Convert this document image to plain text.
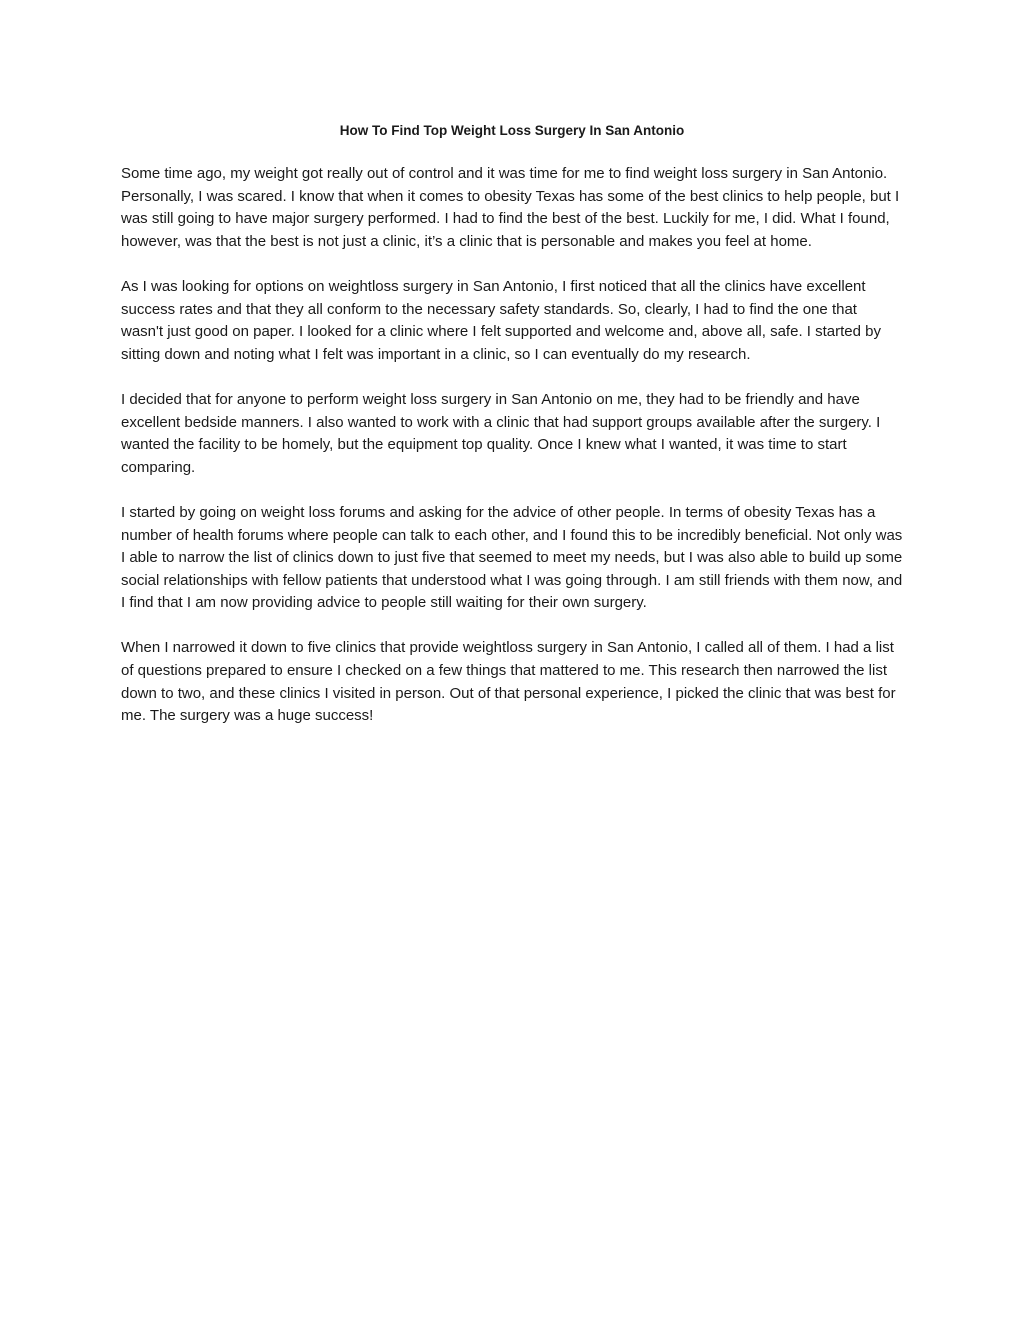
How To Find Top Weight Loss Surgery In San Antonio

Some time ago, my weight got really out of control and it was time for me to find weight loss surgery in San Antonio. Personally, I was scared. I know that when it comes to obesity Texas has some of the best clinics to help people, but I was still going to have major surgery performed. I had to find the best of the best. Luckily for me, I did. What I found, however, was that the best is not just a clinic, it’s a clinic that is personable and makes you feel at home.

As I was looking for options on weightloss surgery in San Antonio, I first noticed that all the clinics have excellent success rates and that they all conform to the necessary safety standards. So, clearly, I had to find the one that wasn't just good on paper. I looked for a clinic where I felt supported and welcome and, above all, safe. I started by sitting down and noting what I felt was important in a clinic, so I can eventually do my research.

I decided that for anyone to perform weight loss surgery in San Antonio on me, they had to be friendly and have excellent bedside manners. I also wanted to work with a clinic that had support groups available after the surgery. I wanted the facility to be homely, but the equipment top quality. Once I knew what I wanted, it was time to start comparing.

I started by going on weight loss forums and asking for the advice of other people. In terms of obesity Texas has a number of health forums where people can talk to each other, and I found this to be incredibly beneficial. Not only was I able to narrow the list of clinics down to just five that seemed to meet my needs, but I was also able to build up some social relationships with fellow patients that understood what I was going through. I am still friends with them now, and I find that I am now providing advice to people still waiting for their own surgery.

When I narrowed it down to five clinics that provide weightloss surgery in San Antonio, I called all of them. I had a list of questions prepared to ensure I checked on a few things that mattered to me. This research then narrowed the list down to two, and these clinics I visited in person. Out of that personal experience, I picked the clinic that was best for me. The surgery was a huge success!
